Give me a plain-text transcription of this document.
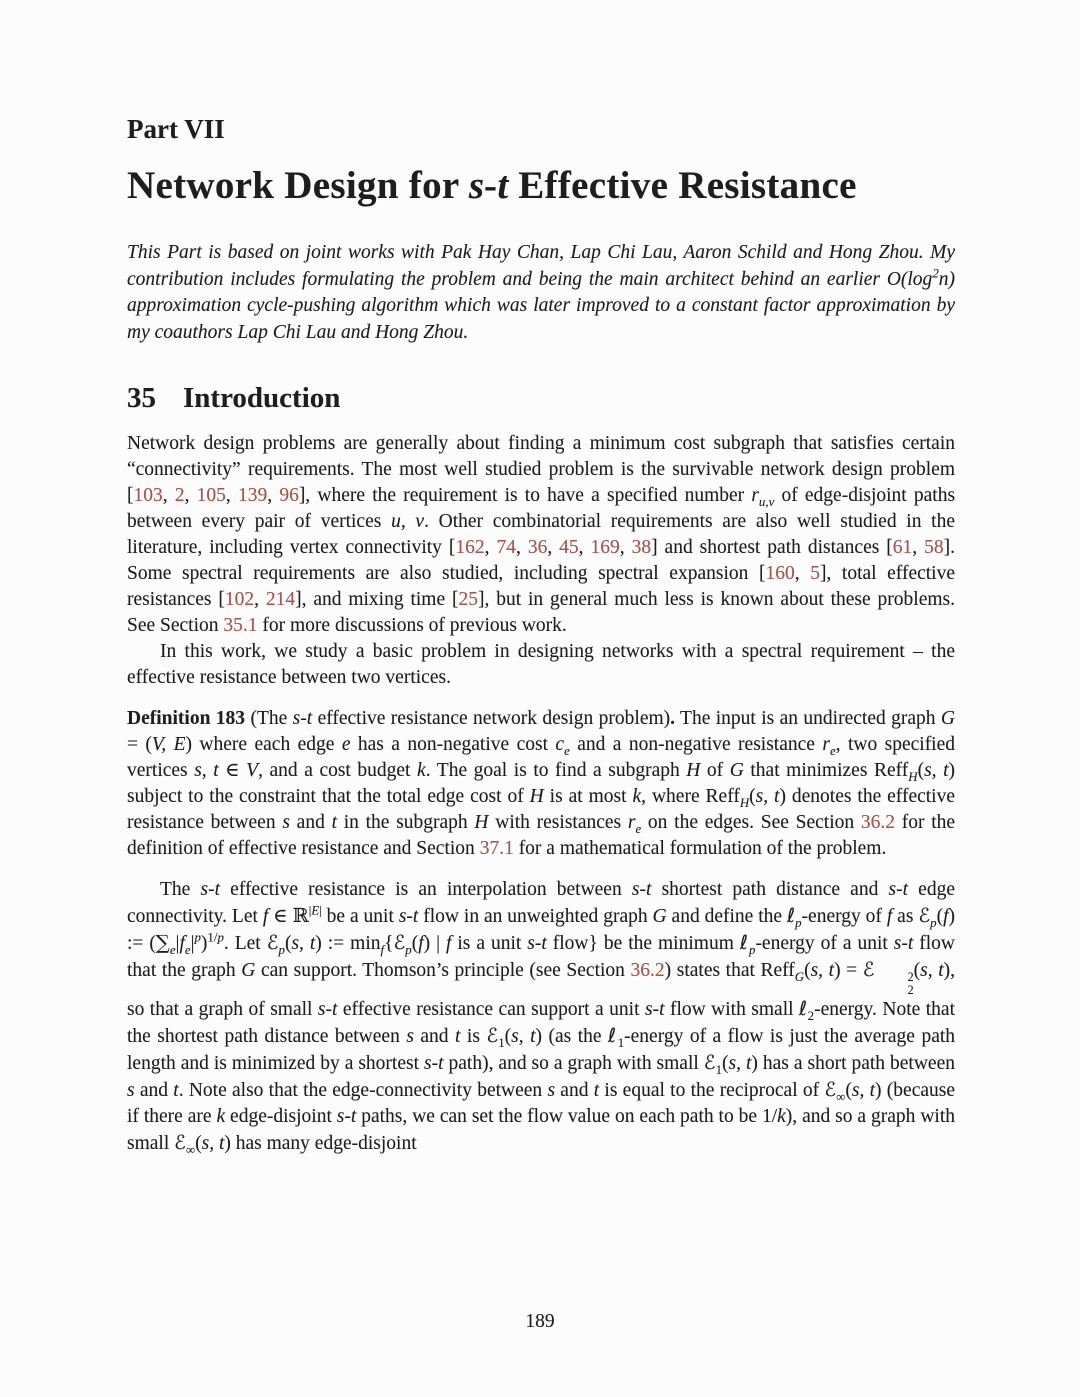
Part VII
Network Design for s-t Effective Resistance

This Part is based on joint works with Pak Hay Chan, Lap Chi Lau, Aaron Schild and Hong Zhou. My contribution includes formulating the problem and being the main architect behind an earlier $O(\log^2n)$ approximation cycle-pushing algorithm which was later improved to a constant factor approximation by my coauthors Lap Chi Lau and Hong Zhou.

35 Introduction

Network design problems are generally about finding a minimum cost subgraph that satisfies certain “connectivity” requirements. The most well studied problem is the survivable network design problem [103, 2, 105, 139, 96], where the requirement is to have a specified number $r_{u,v}$ of edge-disjoint paths between every pair of vertices u, v. Other combinatorial requirements are also well studied in the literature, including vertex connectivity [162, 74, 36, 45, 169, 38] and shortest path distances [61, 58]. Some spectral requirements are also studied, including spectral expansion [160, 5], total effective resistances [102, 214], and mixing time [25], but in general much less is known about these problems. See Section 35.1 for more discussions of previous work.

In this work, we study a basic problem in designing networks with a spectral requirement – the effective resistance between two vertices.

Definition 183 (The s-t effective resistance network design problem). The input is an undirected graph G = (V, E) where each edge e has a non-negative cost $c_e$ and a non-negative resistance $r_e$, two specified vertices s, t ∈ V, and a cost budget k. The goal is to find a subgraph H of G that minimizes Reff$_H$(s, t) subject to the constraint that the total edge cost of H is at most k, where Reff$_H$(s, t) denotes the effective resistance between s and t in the subgraph H with resistances $r_e$ on the edges. See Section 36.2 for the definition of effective resistance and Section 37.1 for a mathematical formulation of the problem.

The s-t effective resistance is an interpolation between s-t shortest path distance and s-t edge connectivity. Let f ∈ ℝ$^{|E|}$ be a unit s-t flow in an unweighted graph G and define the ℓ$_p$-energy of f as ℰ$_p$(f) := $(\sum_e|f_e|^p)^{1/p}$. Let ℰ$_p$(s, t) := $\min_f\{ℰ_p(f)$ | f is a unit s-t flow} be the minimum ℓ$_p$-energy of a unit s-t flow that the graph G can support. Thomson’s principle (see Section 36.2) states that Reff$_G$(s, t) = ℰ	2
2
(s, t), so that a graph of small s-t effective resistance can support a unit s-t flow with small ℓ$_2$-energy. Note that the shortest path distance between s and t is ℰ$_1$(s, t) (as the ℓ$_1$-energy of a flow is just the average path length and is minimized by a shortest s-t path), and so a graph with small ℰ$_1$(s, t) has a short path between s and t. Note also that the edge-connectivity between s and t is equal to the reciprocal of ℰ$_\infty$(s, t) (because if there are k edge-disjoint s-t paths, we can set the flow value on each path to be 1/k), and so a graph with small ℰ$_\infty$(s, t) has many edge-disjoint

189
